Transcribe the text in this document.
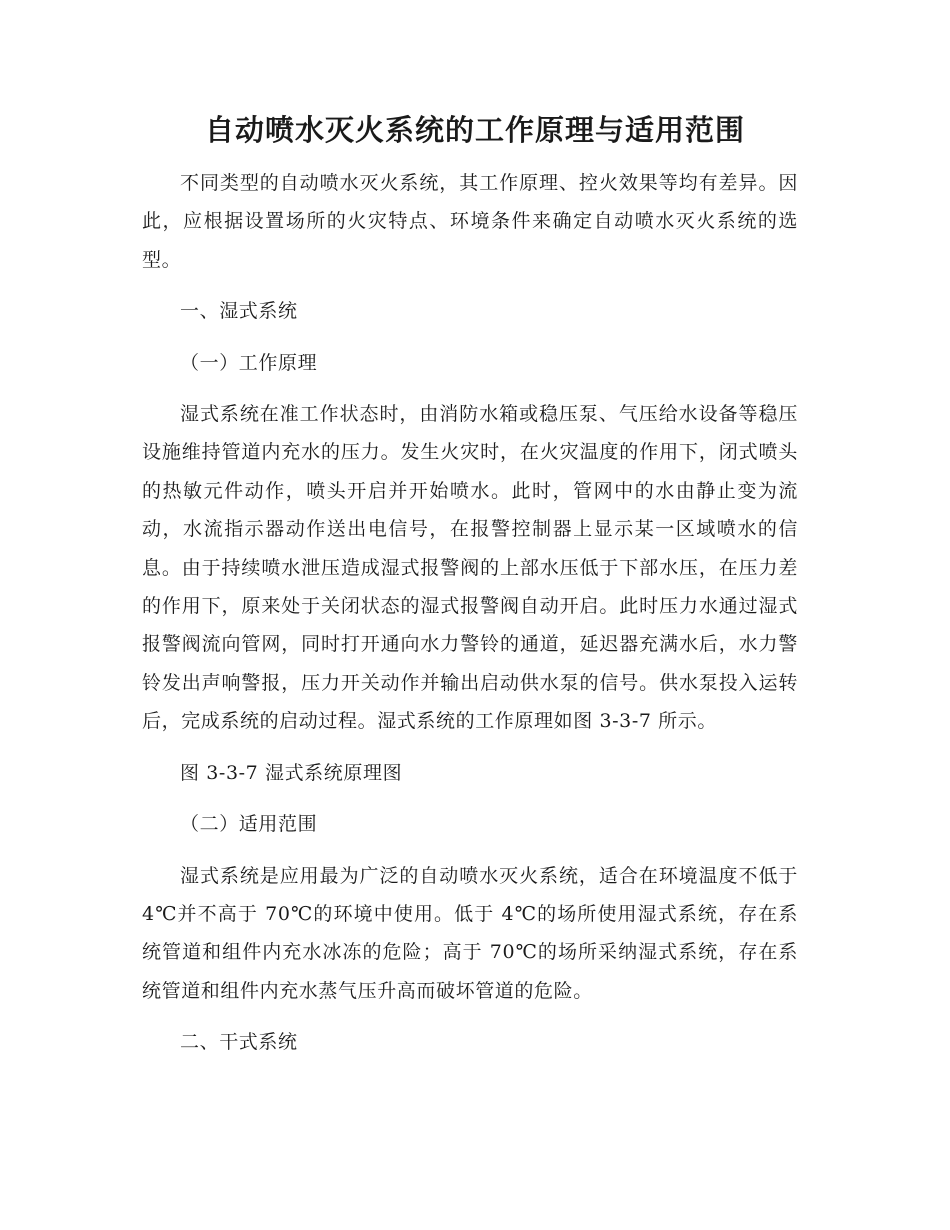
自动喷水灭火系统的工作原理与适用范围

不同类型的自动喷水灭火系统，其工作原理、控火效果等均有差异。因此，应根据设置场所的火灾特点、环境条件来确定自动喷水灭火系统的选型。

一、湿式系统

（一）工作原理

湿式系统在准工作状态时，由消防水箱或稳压泵、气压给水设备等稳压设施维持管道内充水的压力。发生火灾时，在火灾温度的作用下，闭式喷头的热敏元件动作，喷头开启并开始喷水。此时，管网中的水由静止变为流动，水流指示器动作送出电信号，在报警控制器上显示某一区域喷水的信息。由于持续喷水泄压造成湿式报警阀的上部水压低于下部水压，在压力差的作用下，原来处于关闭状态的湿式报警阀自动开启。此时压力水通过湿式报警阀流向管网，同时打开通向水力警铃的通道，延迟器充满水后，水力警铃发出声响警报，压力开关动作并输出启动供水泵的信号。供水泵投入运转后，完成系统的启动过程。湿式系统的工作原理如图 3-3-7 所示。

图 3-3-7 湿式系统原理图

（二）适用范围

湿式系统是应用最为广泛的自动喷水灭火系统，适合在环境温度不低于 4℃并不高于 70℃的环境中使用。低于 4℃的场所使用湿式系统，存在系统管道和组件内充水冰冻的危险；高于 70℃的场所采纳湿式系统，存在系统管道和组件内充水蒸气压升高而破坏管道的危险。

二、干式系统
